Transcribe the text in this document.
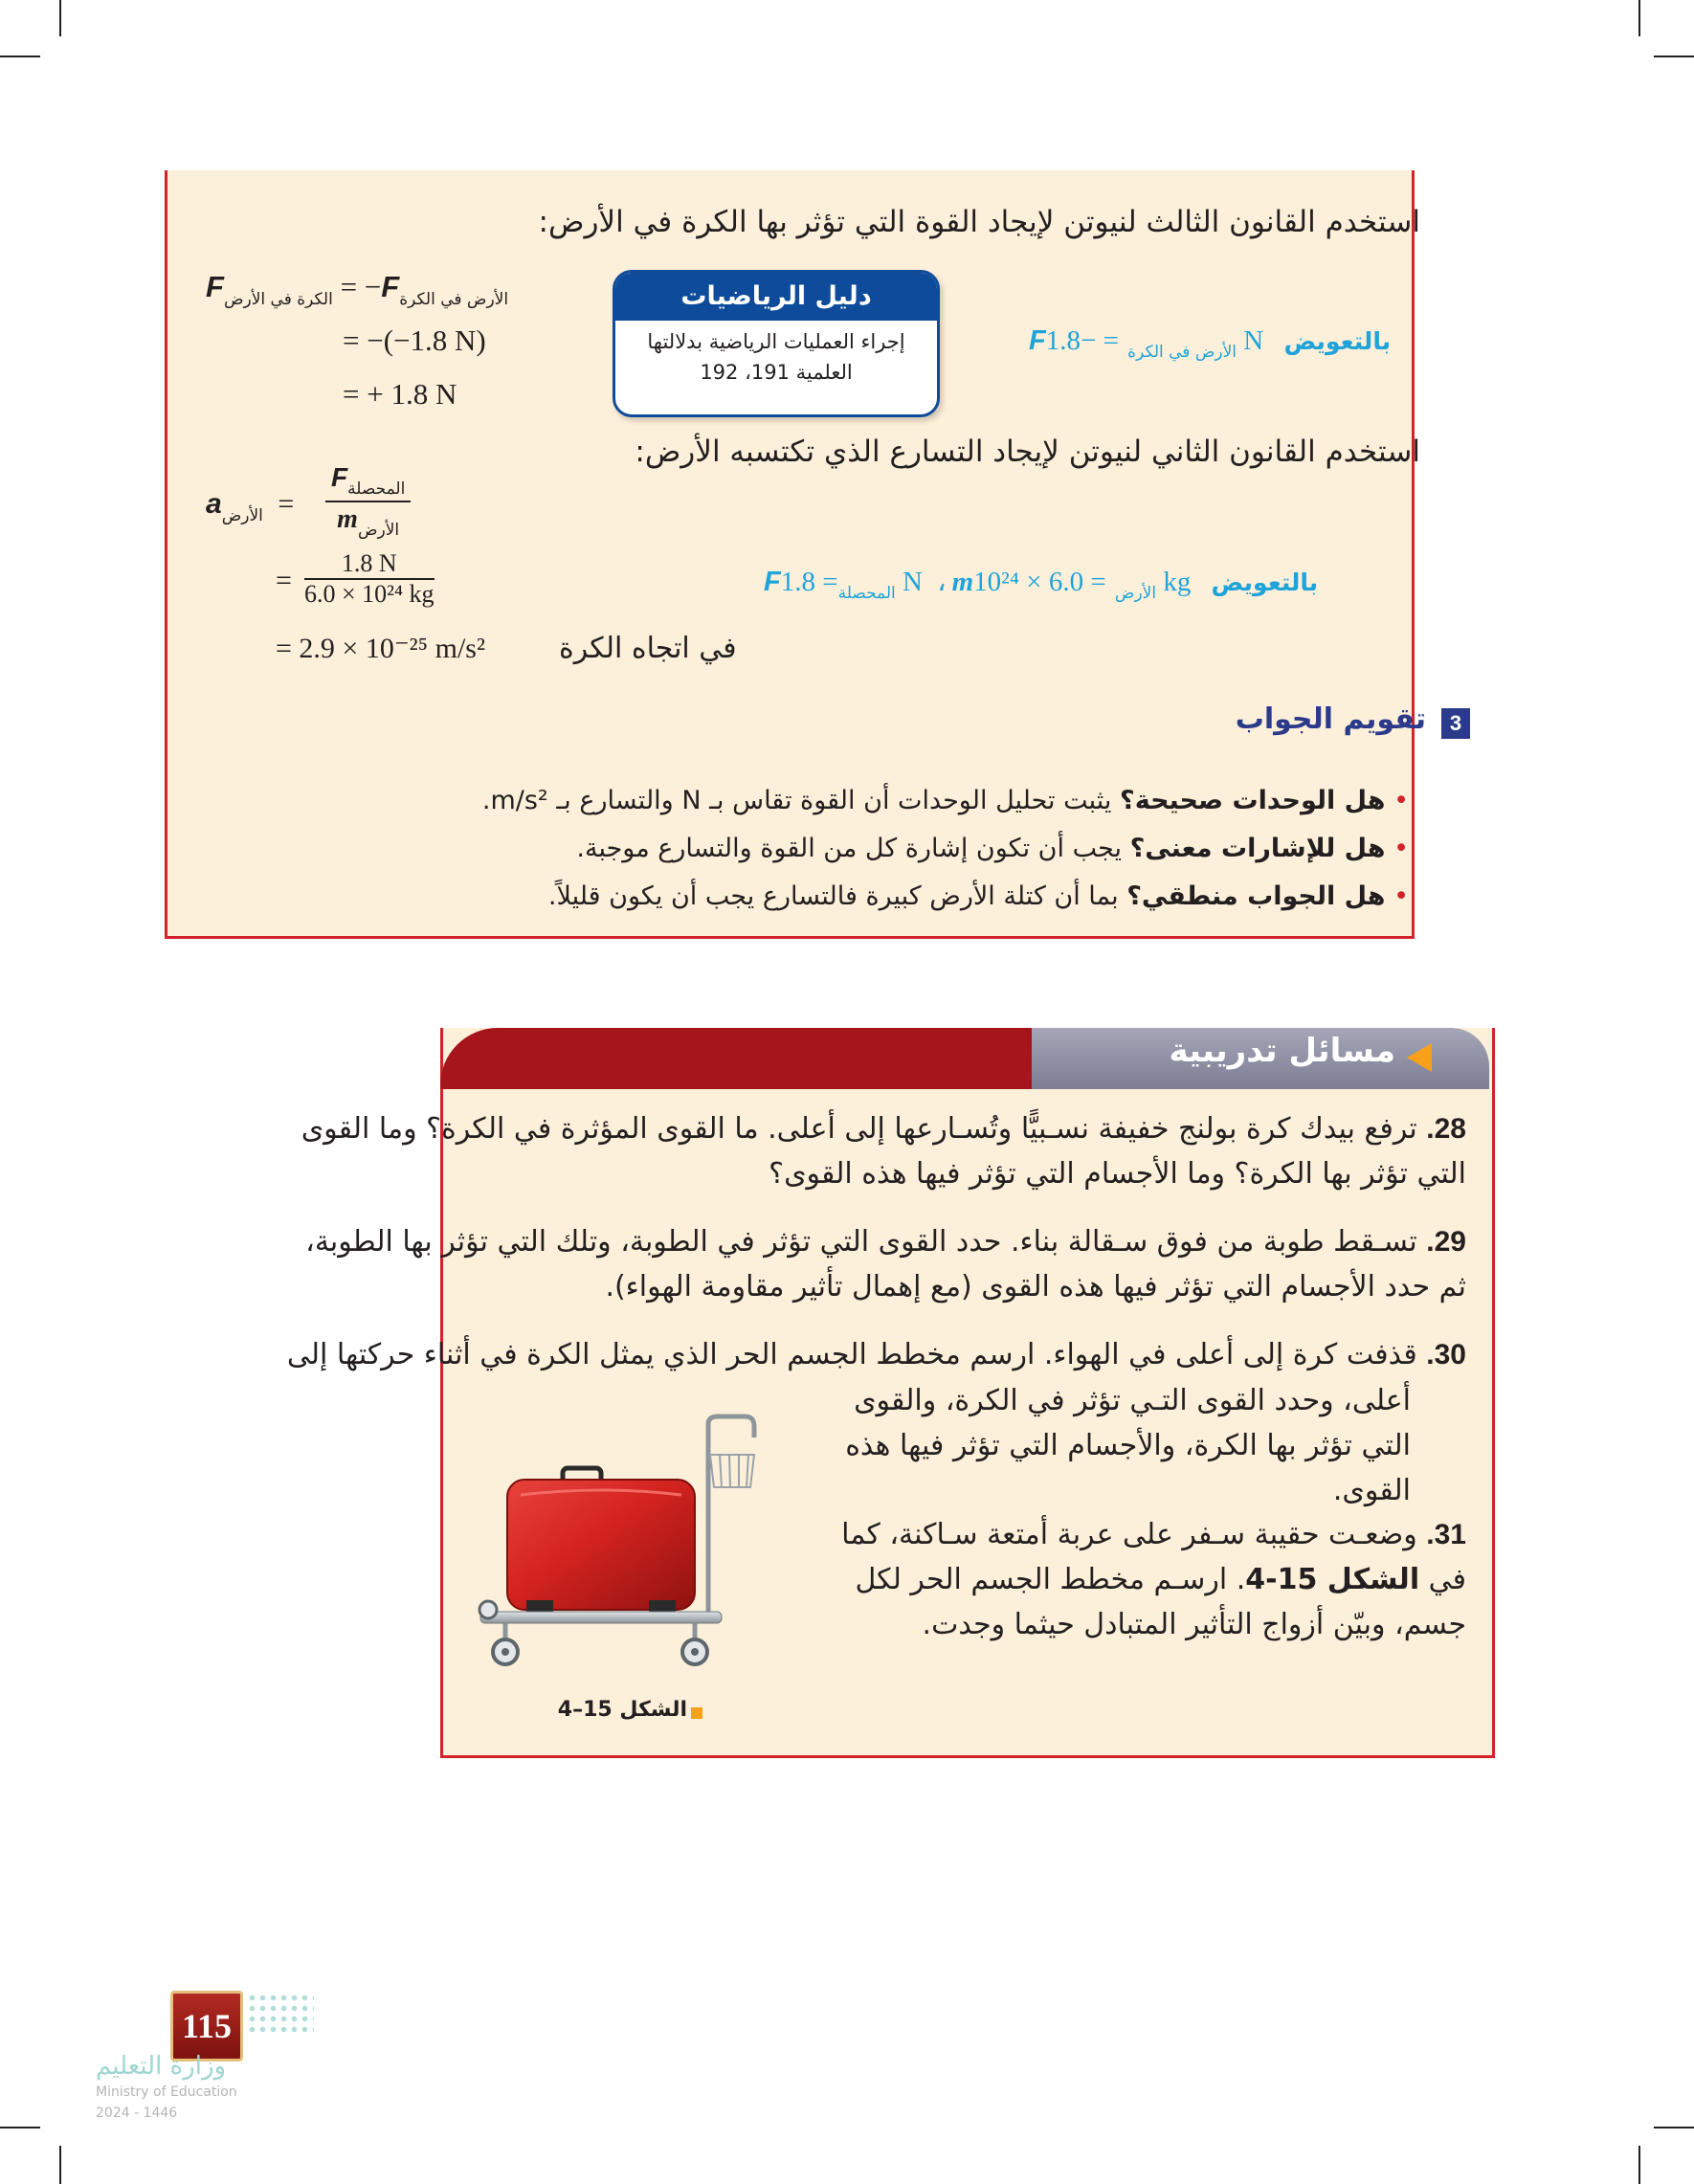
استخدم القانون الثالث لنيوتن لإيجاد القوة التي تؤثر بها الكرة في الأرض:
$F_{الكرة في الأرض} = -F_{الأرض في الكرة}$
= −(−1.8 N)
= + 1.8 N
دليل الرياضيات
إجراء العمليات الرياضية بدلالتها
العلمية 191، 192
F	$_{الأرض في الكرة}$ = −1.8 N بالتعويض
استخدم القانون الثاني لنيوتن لإيجاد التسارع الذي تكتسبه الأرض:
$a_{الأرض}$ =
$F_{المحصلة}$
$m_{الأرض}$
= $\frac{1.8 N}{\text{6.0 × 10²⁴ kg}}$
= 2.9 × 10⁻²⁵ m/s²	في اتجاه الكرة
F	$_{المحصلة}$= 1.8 N ، m	$_{الأرض}$ = 6.0 × 10²⁴ kg بالتعويض
3
تقويم الجواب
• هل الوحدات صحيحة؟ يثبت تحليل الوحدات أن القوة تقاس بـ N والتسارع بـ m/s².
• هل للإشارات معنى؟ يجب أن تكون إشارة كل من القوة والتسارع موجبة.
• هل الجواب منطقي؟ بما أن كتلة الأرض كبيرة فالتسارع يجب أن يكون قليلاً.
مسائل تدريبية
28. ترفع بيدك كرة بولنج خفيفة نسـبيًّا وتُسـارعها إلى أعلى. ما القوى المؤثرة في الكرة؟ وما القوى التي تؤثر بها الكرة؟ وما الأجسام التي تؤثر فيها هذه القوى؟
29. تسـقط طوبة من فوق سـقالة بناء. حدد القوى التي تؤثر في الطوبة، وتلك التي تؤثر بها الطوبة، ثم حدد الأجسام التي تؤثر فيها هذه القوى (مع إهمال تأثير مقاومة الهواء).
30. قذفت كرة إلى أعلى في الهواء. ارسم مخطط الجسم الحر الذي يمثل الكرة في أثناء حركتها إلى
أعلى، وحدد القوى التـي تؤثر في الكرة، والقوى التي تؤثر بها الكرة، والأجسام التي تؤثر فيها هذه القوى.
31. وضعـت حقيبة سـفر على عربة أمتعة سـاكنة، كما في الشكل 15-4. ارسـم مخطط الجسم الحر لكل جسم، وبيّن أزواج التأثير المتبادل حيثما وجدت.
الشكل 15–4
115
وزارة التعليم
Ministry of Education
2024 - 1446
